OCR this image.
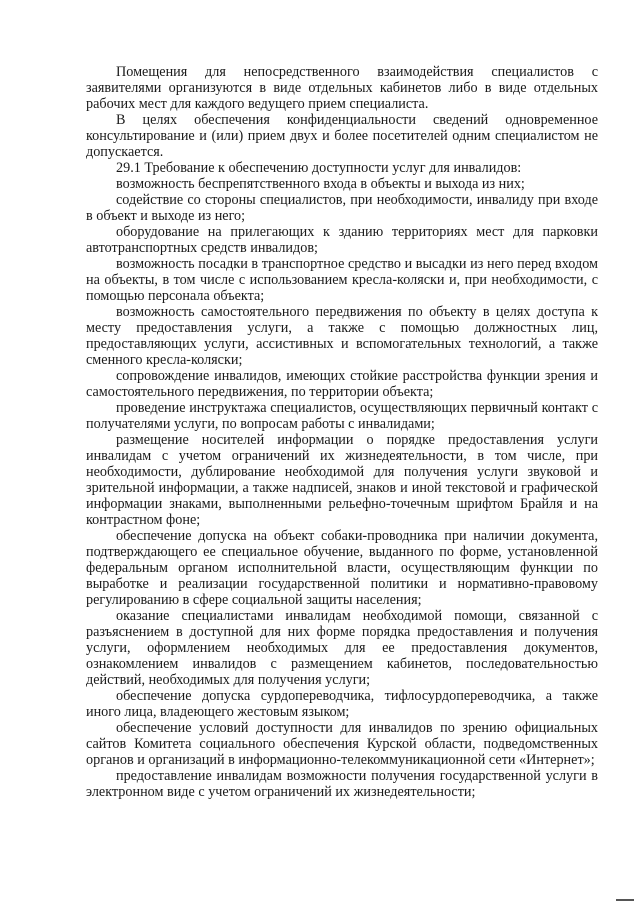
Помещения для непосредственного взаимодействия специалистов с заявителями организуются в виде отдельных кабинетов либо в виде отдельных рабочих мест для каждого ведущего прием специалиста.

В целях обеспечения конфиденциальности сведений одновременное консультирование и (или) прием двух и более посетителей одним специалистом не допускается.

29.1 Требование к обеспечению доступности услуг для инвалидов:

возможность беспрепятственного входа в объекты и выхода из них;

содействие со стороны специалистов, при необходимости, инвалиду при входе в объект и выходе из него;

оборудование на прилегающих к зданию территориях мест для парковки автотранспортных средств инвалидов;

возможность посадки в транспортное средство и высадки из него перед входом на объекты, в том числе с использованием кресла-коляски и, при необходимости, с помощью персонала объекта;

возможность самостоятельного передвижения по объекту в целях доступа к месту предоставления услуги, а также с помощью должностных лиц, предоставляющих услуги, ассистивных и вспомогательных технологий, а также сменного кресла-коляски;

сопровождение инвалидов, имеющих стойкие расстройства функции зрения и самостоятельного передвижения, по территории объекта;

проведение инструктажа специалистов, осуществляющих первичный контакт с получателями услуги, по вопросам работы с инвалидами;

размещение носителей информации о порядке предоставления услуги инвалидам с учетом ограничений их жизнедеятельности, в том числе, при необходимости, дублирование необходимой для получения услуги звуковой и зрительной информации, а также надписей, знаков и иной текстовой и графической информации знаками, выполненными рельефно-точечным шрифтом Брайля и на контрастном фоне;

обеспечение допуска на объект собаки-проводника при наличии документа, подтверждающего ее специальное обучение, выданного по форме, установленной федеральным органом исполнительной власти, осуществляющим функции по выработке и реализации государственной политики и нормативно-правовому регулированию в сфере социальной защиты населения;

оказание специалистами инвалидам необходимой помощи, связанной с разъяснением в доступной для них форме порядка предоставления и получения услуги, оформлением необходимых для ее предоставления документов, ознакомлением инвалидов с размещением кабинетов, последовательностью действий, необходимых для получения услуги;

обеспечение допуска сурдопереводчика, тифлосурдопереводчика, а также иного лица, владеющего жестовым языком;

обеспечение условий доступности для инвалидов по зрению официальных сайтов Комитета социального обеспечения Курской области, подведомственных органов и организаций в информационно-телекоммуникационной сети «Интернет»;

предоставление инвалидам возможности получения государственной услуги в электронном виде с учетом ограничений их жизнедеятельности;
